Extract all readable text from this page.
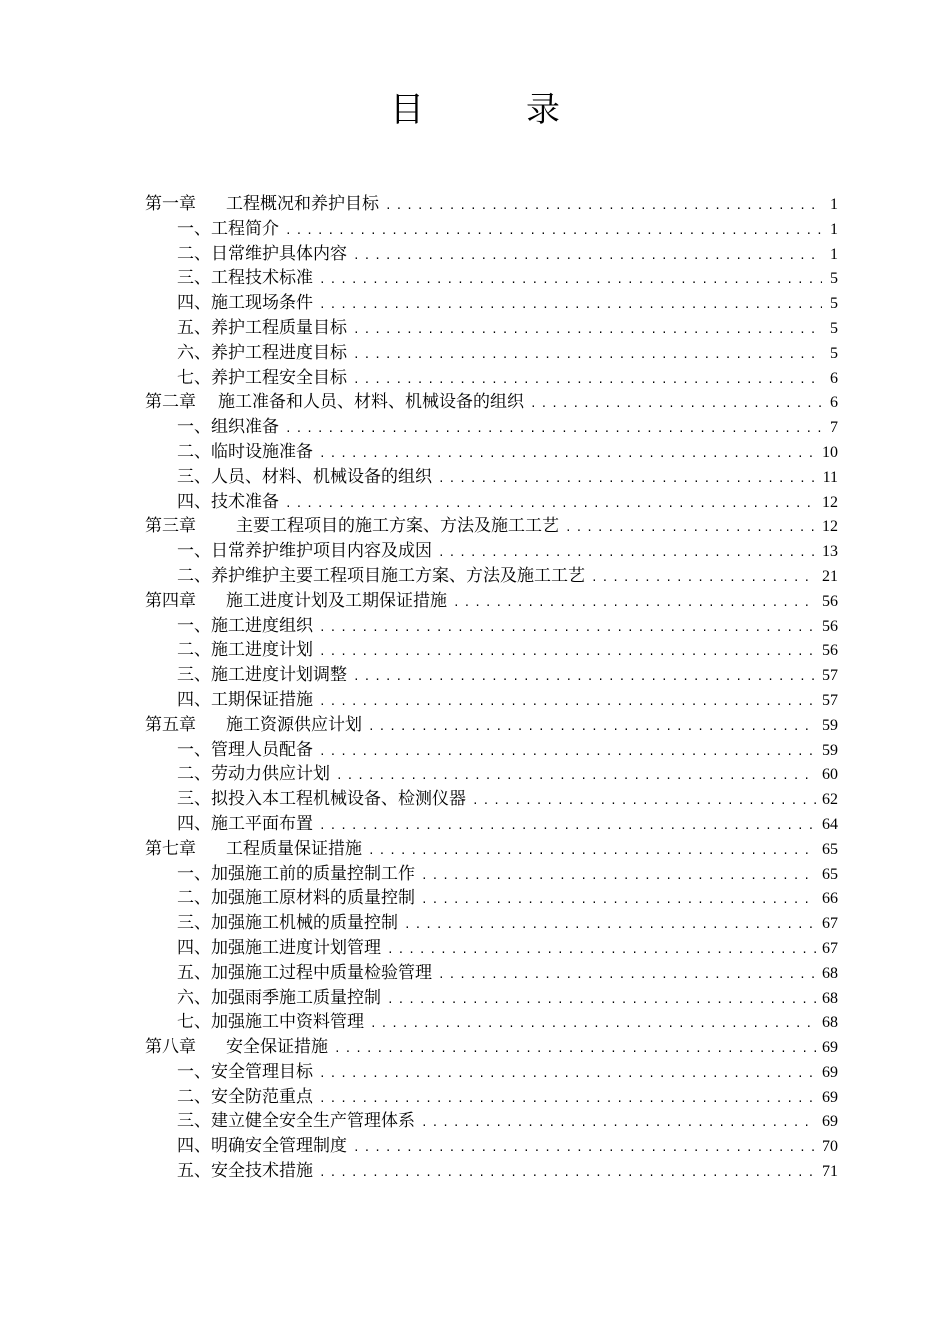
目　录
第一章 工程概况和养护目标 .....	1
一、工程简介 .....	1
二、日常维护具体内容 .....	1
三、工程技术标准 .....	5
四、施工现场条件 .....	5
五、养护工程质量目标 .....	5
六、养护工程进度目标 .....	5
七、养护工程安全目标 .....	6
第二章 施工准备和人员、材料、机械设备的组织 .....	6
一、组织准备 .....	7
二、临时设施准备 .....	10
三、人员、材料、机械设备的组织 .....	11
四、技术准备 .....	12
第三章 主要工程项目的施工方案、方法及施工工艺 .....	12
一、日常养护维护项目内容及成因 .....	13
二、养护维护主要工程项目施工方案、方法及施工工艺 .....	21
第四章 施工进度计划及工期保证措施 .....	56
一、施工进度组织 .....	56
二、施工进度计划 .....	56
三、施工进度计划调整 .....	57
四、工期保证措施 .....	57
第五章 施工资源供应计划 .....	59
一、管理人员配备 .....	59
二、劳动力供应计划 .....	60
三、拟投入本工程机械设备、检测仪器 .....	62
四、施工平面布置 .....	64
第七章 工程质量保证措施 .....	65
一、加强施工前的质量控制工作 .....	65
二、加强施工原材料的质量控制 .....	66
三、加强施工机械的质量控制 .....	67
四、加强施工进度计划管理 .....	67
五、加强施工过程中质量检验管理 .....	68
六、加强雨季施工质量控制 .....	68
七、加强施工中资料管理 .....	68
第八章 安全保证措施 .....	69
一、安全管理目标 .....	69
二、安全防范重点 .....	69
三、建立健全安全生产管理体系 .....	69
四、明确安全管理制度 .....	70
五、安全技术措施 .....	71
